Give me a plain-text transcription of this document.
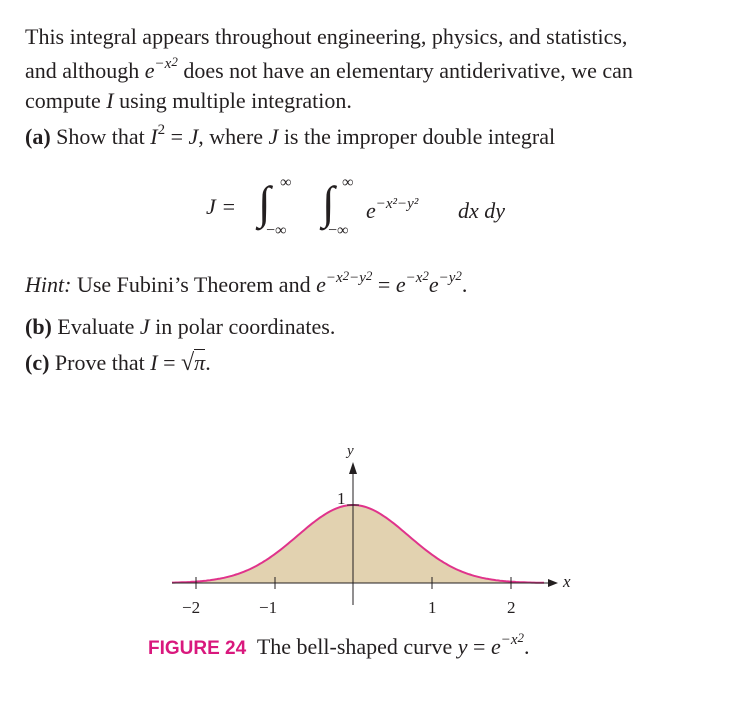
This integral appears throughout engineering, physics, and statistics,
and although $e^{-x2}$ does not have an elementary antiderivative, we can
compute I using multiple integration.
(a) Show that $I^2 = J$, where J is the improper double integral
J = ∫ ∞
−∞
∫ ∞
−∞
$e^{-x^2-y^2}$ dx dy
Hint: Use Fubini’s Theorem and $e^{-x2-y2} = e^{-x2}e^{-y2}$.
(b) Evaluate J in polar coordinates.
(c) Prove that I = √π.
y
1
x
−2	−1	1	2
FIGURE 24 The bell-shaped curve $y = e^{-x2}$.
